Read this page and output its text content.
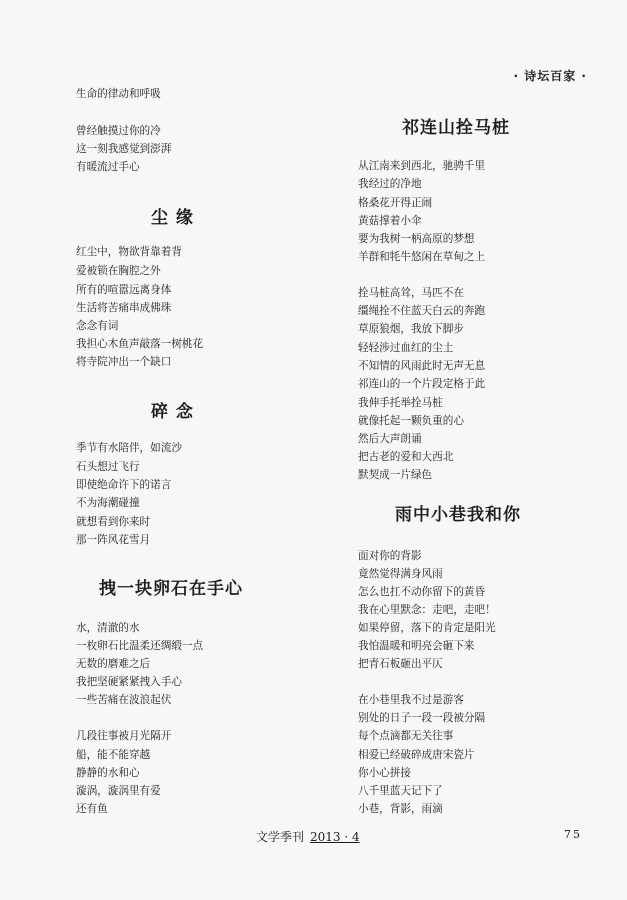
· 诗坛百家 ·
生命的律动和呼吸
曾经触摸过你的冷
这一刻我感觉到澎湃
有暖流过手心
尘 缘
红尘中，物欲背靠着背
爱被锁在胸腔之外
所有的喧嚣远离身体
生活将苦痛串成佛珠
念念有词
我担心木鱼声敲落一树桃花
将寺院冲出一个缺口
碎 念
季节有水陪伴，如流沙
石头想过飞行
即使绝命许下的诺言
不为海潮碰撞
就想看到你来时
那一阵风花雪月
拽一块卵石在手心
水，清澈的水
一枚卵石比温柔还绸缎一点
无数的磨难之后
我把坚硬紧紧拽入手心
一些苦痛在波浪起伏
几段往事被月光隔开
船，能不能穿越
静静的水和心
漩涡，漩涡里有爱
还有鱼
祁连山拴马桩
从江南来到西北，驰骋千里
我经过的净地
格桑花开得正闹
黄菇撑着小伞
要为我树一柄高原的梦想
羊群和牦牛悠闲在草甸之上
拴马桩高耸，马匹不在
缰绳拴不住蓝天白云的奔跑
草原狼烟，我放下脚步
轻轻涉过血红的尘土
不知情的风雨此时无声无息
祁连山的一个片段定格于此
我伸手托举拴马桩
就像托起一颗负重的心
然后大声朗诵
把古老的爱和大西北
默契成一片绿色
雨中小巷我和你
面对你的背影
竟然觉得满身风雨
怎么也扛不动你留下的黄昏
我在心里默念：走吧，走吧！
如果停留，落下的肯定是阳光
我怕温暖和明亮会砸下来
把青石板砸出平仄
在小巷里我不过是游客
别处的日子一段一段被分隔
每个点滴都无关往事
相爱已经破碎成唐宋瓷片
你小心拼接
八千里蓝天记下了
小巷，背影，雨滴
文学季刊 2013 · 4	75
